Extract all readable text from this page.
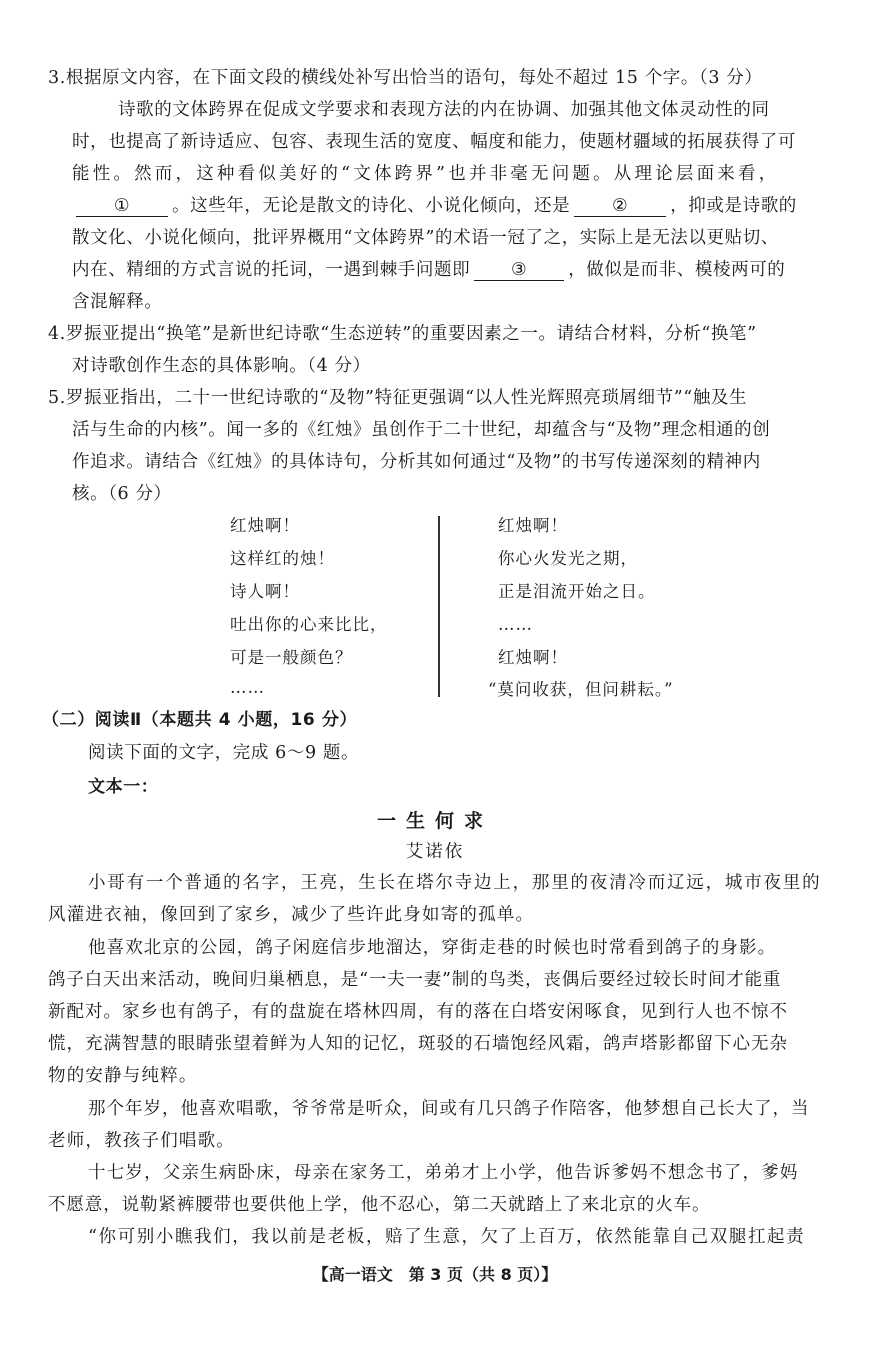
3.根据原文内容，在下面文段的横线处补写出恰当的语句，每处不超过 15 个字。（3 分）
诗歌的文体跨界在促成文学要求和表现方法的内在协调、加强其他文体灵动性的同
时，也提高了新诗适应、包容、表现生活的宽度、幅度和能力，使题材疆域的拓展获得了可
能性。然而，这种看似美好的“文体跨界”也并非毫无问题。从理论层面来看，
① 。这些年，无论是散文的诗化、小说化倾向，还是 ② ，抑或是诗歌的
散文化、小说化倾向，批评界概用“文体跨界”的术语一冠了之，实际上是无法以更贴切、
内在、精细的方式言说的托词，一遇到棘手问题即 ③ ，做似是而非、模棱两可的
含混解释。
4.罗振亚提出“换笔”是新世纪诗歌“生态逆转”的重要因素之一。请结合材料，分析“换笔”
对诗歌创作生态的具体影响。（4 分）
5.罗振亚指出，二十一世纪诗歌的“及物”特征更强调“以人性光辉照亮琐屑细节”“触及生
活与生命的内核”。闻一多的《红烛》虽创作于二十世纪，却蕴含与“及物”理念相通的创
作追求。请结合《红烛》的具体诗句，分析其如何通过“及物”的书写传递深刻的精神内
核。（6 分）
红烛啊！
这样红的烛！
诗人啊！
吐出你的心来比比，
可是一般颜色？
……
红烛啊！
你心火发光之期，
正是泪流开始之日。
……
红烛啊！
“莫问收获，但问耕耘。”
（二）阅读Ⅱ（本题共 4 小题，16 分）
阅读下面的文字，完成 6～9 题。
文本一：
一生何求
艾诺依
小哥有一个普通的名字，王亮，生长在塔尔寺边上，那里的夜清冷而辽远，城市夜里的
风灌进衣袖，像回到了家乡，减少了些许此身如寄的孤单。
他喜欢北京的公园，鸽子闲庭信步地溜达，穿街走巷的时候也时常看到鸽子的身影。
鸽子白天出来活动，晚间归巢栖息，是“一夫一妻”制的鸟类，丧偶后要经过较长时间才能重
新配对。家乡也有鸽子，有的盘旋在塔林四周，有的落在白塔安闲啄食，见到行人也不惊不
慌，充满智慧的眼睛张望着鲜为人知的记忆，斑驳的石墙饱经风霜，鸽声塔影都留下心无杂
物的安静与纯粹。
那个年岁，他喜欢唱歌，爷爷常是听众，间或有几只鸽子作陪客，他梦想自己长大了，当
老师，教孩子们唱歌。
十七岁，父亲生病卧床，母亲在家务工，弟弟才上小学，他告诉爹妈不想念书了，爹妈
不愿意，说勒紧裤腰带也要供他上学，他不忍心，第二天就踏上了来北京的火车。
“你可别小瞧我们，我以前是老板，赔了生意，欠了上百万，依然能靠自己双腿扛起责
【高一语文　第 3 页（共 8 页）】
